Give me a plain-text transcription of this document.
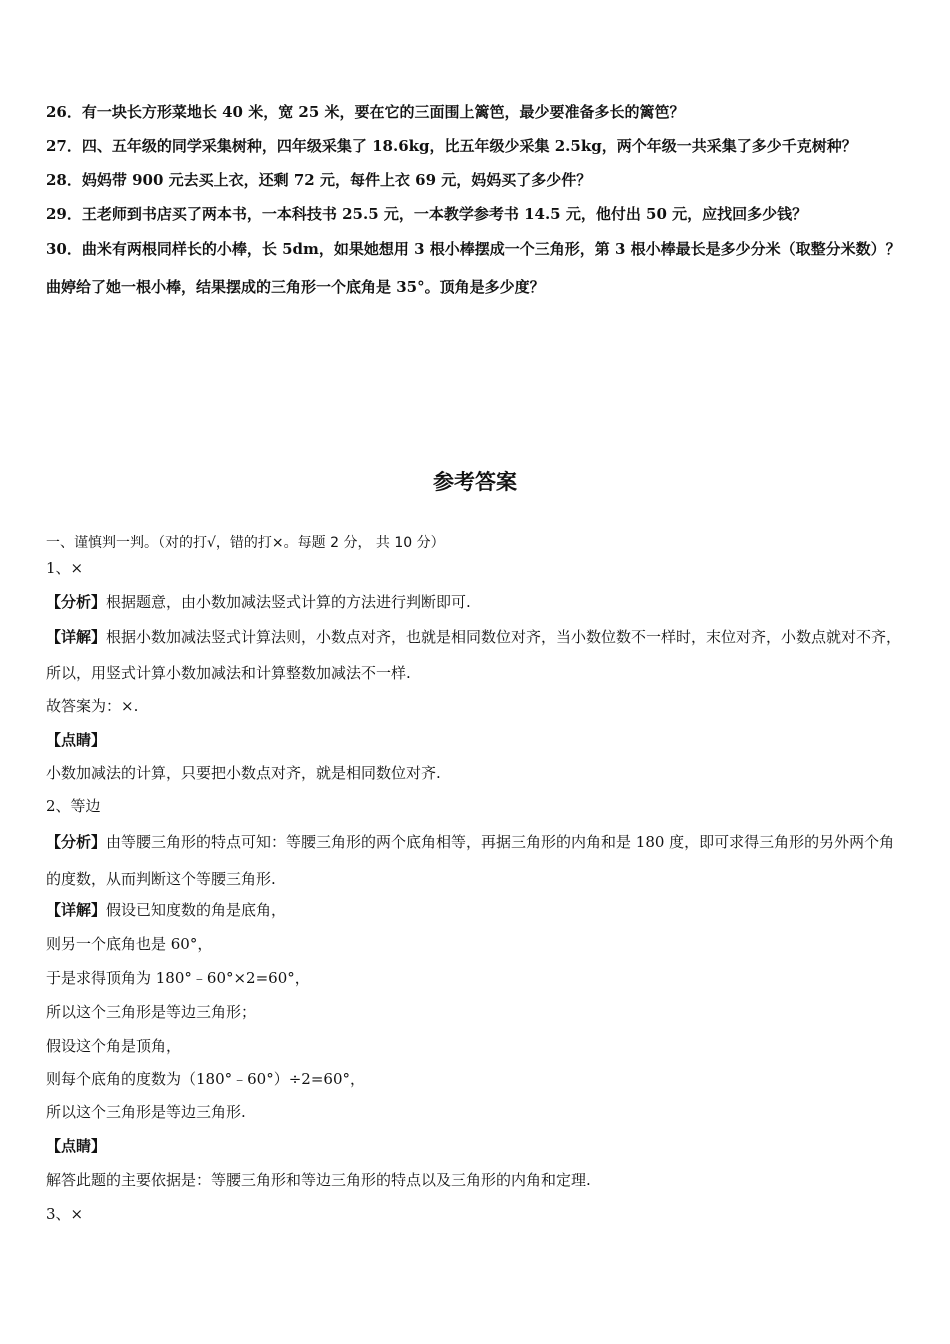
26．有一块长方形菜地长 40 米，宽 25 米，要在它的三面围上篱笆，最少要准备多长的篱笆？
27．四、五年级的同学采集树种，四年级采集了 18.6kg，比五年级少采集 2.5kg，两个年级一共采集了多少千克树种？
28．妈妈带 900 元去买上衣，还剩 72 元，每件上衣 69 元，妈妈买了多少件？
29．王老师到书店买了两本书，一本科技书 25.5 元，一本教学参考书 14.5 元，他付出 50 元，应找回多少钱？
30．曲米有两根同样长的小棒，长 5dm，如果她想用 3 根小棒摆成一个三角形，第 3 根小棒最长是多少分米（取整分米数）？曲婷给了她一根小棒，结果摆成的三角形一个底角是 35°。顶角是多少度？
参考答案
一、谨慎判一判。（对的打√，错的打×。每题 2 分， 共 10 分）
1、×
【分析】根据题意，由小数加减法竖式计算的方法进行判断即可.
【详解】根据小数加减法竖式计算法则，小数点对齐，也就是相同数位对齐，当小数位数不一样时，末位对齐，小数点就对不齐，所以，用竖式计算小数加减法和计算整数加减法不一样.
故答案为：×.
【点睛】
小数加减法的计算，只要把小数点对齐，就是相同数位对齐.
2、等边
【分析】由等腰三角形的特点可知：等腰三角形的两个底角相等，再据三角形的内角和是 180 度，即可求得三角形的另外两个角的度数，从而判断这个等腰三角形.
【详解】假设已知度数的角是底角，
则另一个底角也是 60°，
于是求得顶角为 180°﹣60°×2=60°，
所以这个三角形是等边三角形；
假设这个角是顶角，
则每个底角的度数为（180°﹣60°）÷2=60°，
所以这个三角形是等边三角形.
【点睛】
解答此题的主要依据是：等腰三角形和等边三角形的特点以及三角形的内角和定理.
3、×
